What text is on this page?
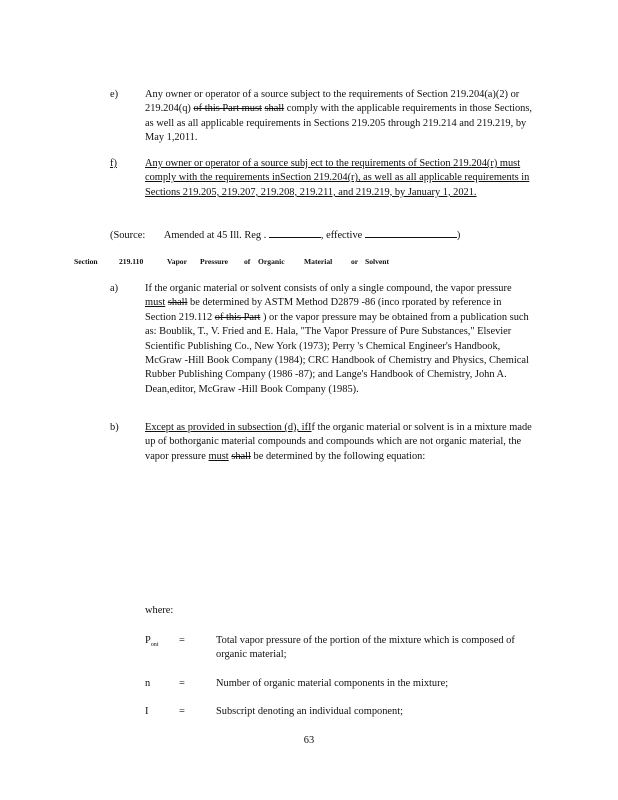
e)	Any owner or operator of a source subject to the requirements of Section 219.204(a)(2) or 219.204(q) of this Part must shall comply with the applicable requirements in those Sections, as well as all applicable requirements in Sections 219.205 through 219.214 and 219.219, by May 1,2011.
f)	Any owner or operator of a source subj ect to the requirements of Section 219.204(r) must comply with the requirements inSection 219.204(r), as well as all applicable requirements in Sections 219.205, 219.207, 219.208, 219.211, and 219.219, by January 1, 2021.
(Source: Amended at 45 Ill. Reg .	, effective	)
Section	219.110	Vapor Pressure of Organic	Material or Solvent
a)	If the organic material or solvent consists of only a single compound, the vapor pressure must shall be determined by ASTM Method D2879 -86 (inco rporated by reference in Section 219.112 of this Part ) or the vapor pressure may be obtained from a publication such as: Boublik, T., V. Fried and E. Hala, "The Vapor Pressure of Pure Substances," Elsevier Scientific Publishing Co., New York (1973); Perry 's Chemical Engineer's Handbook, McGraw -Hill Book Company (1984); CRC Handbook of Chemistry and Physics, Chemical Rubber Publishing Company (1986 -87); and Lange's Handbook of Chemistry, John A. Dean,editor, McGraw -Hill Book Company (1985).
b)	Except as provided in subsection (d), ifIf the organic material or solvent is in a mixture made up of bothorganic material compounds and compounds which are not organic material, the vapor pressure must shall be determined by the following equation:
where:
$P_{ont}$ =	Total vapor pressure of the portion of the mixture which is composed of organic material;
n	=	Number of organic material components in the mixture;
I	=	Subscript denoting an individual component;
63
